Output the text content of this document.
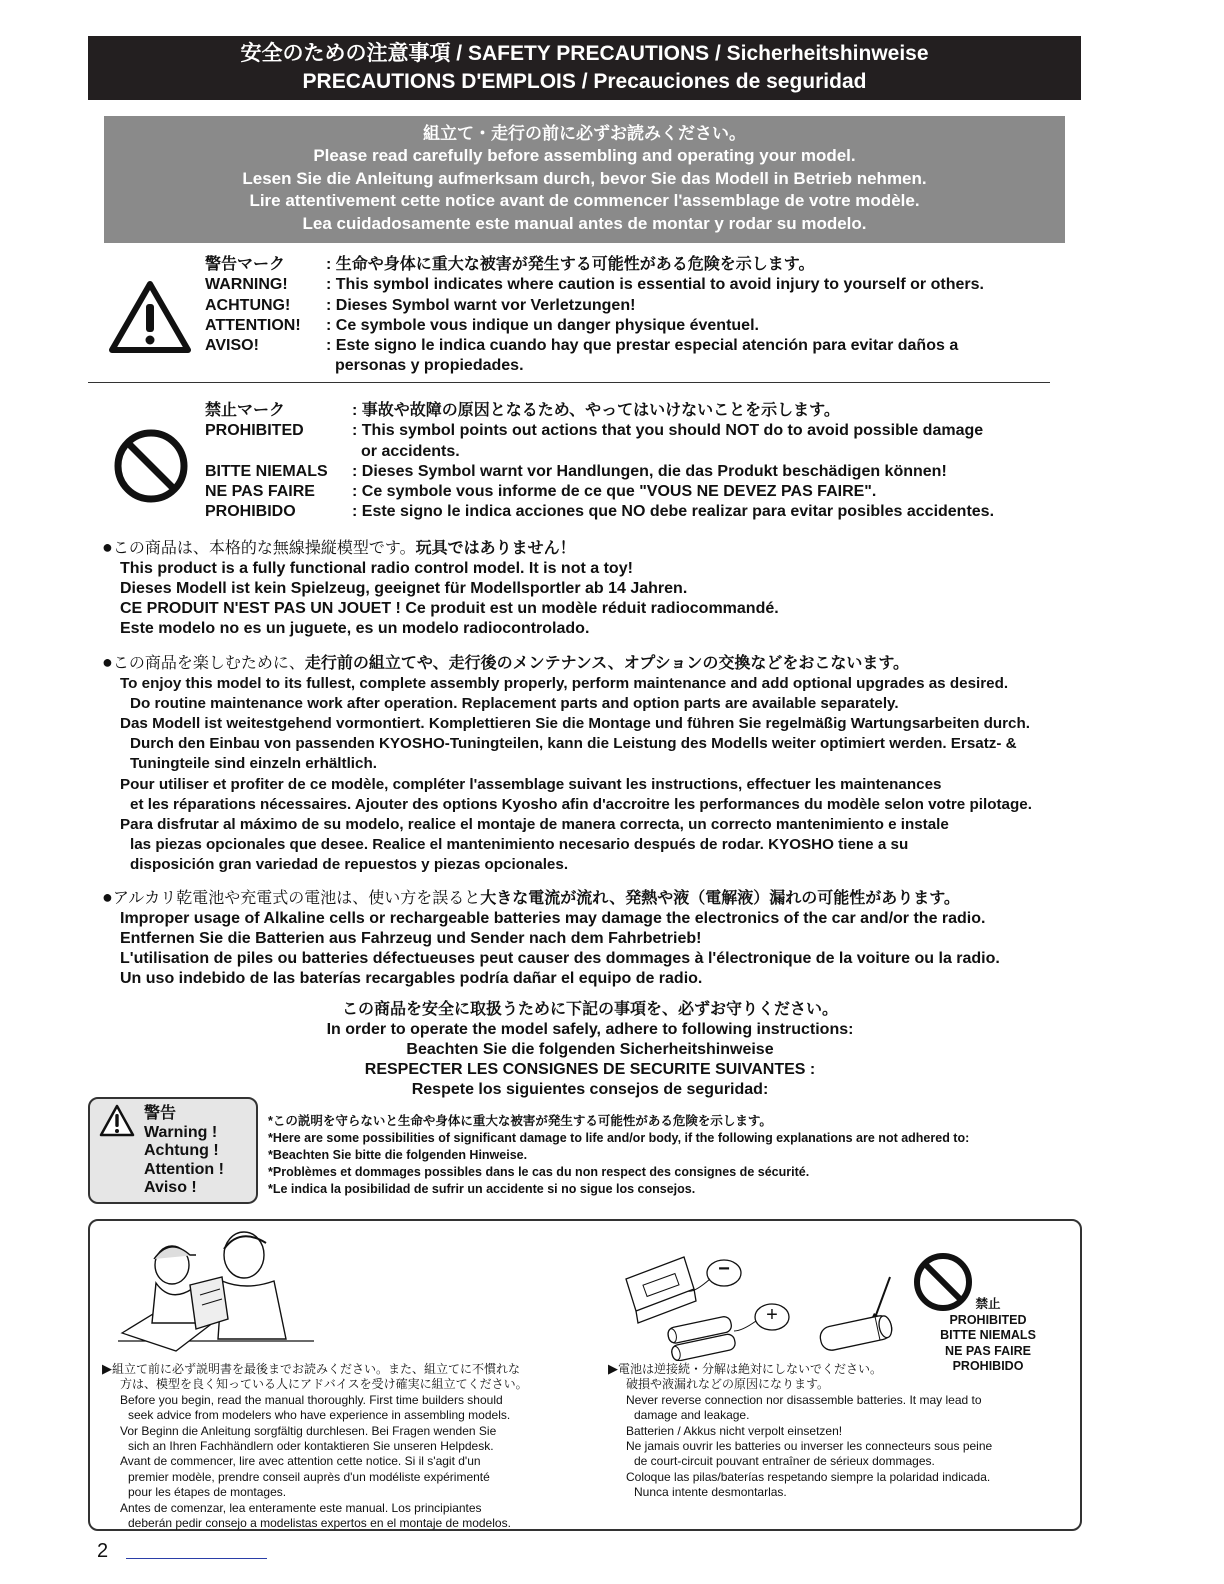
安全のための注意事項 / SAFETY PRECAUTIONS / Sicherheitshinweise
PRECAUTIONS D'EMPLOIS / Precauciones de seguridad
組立て・走行の前に必ずお読みください。
Please read carefully before assembling and operating your model.
Lesen Sie die Anleitung aufmerksam durch, bevor Sie das Modell in Betrieb nehmen.
Lire attentivement cette notice avant de commencer l'assemblage de votre modèle.
Lea cuidadosamente este manual antes de montar y rodar su modelo.
警告マーク
WARNING!
ACHTUNG!
ATTENTION!
AVISO!
: 生命や身体に重大な被害が発生する可能性がある危険を示します。
: This symbol indicates where caution is essential to avoid injury to yourself or others.
: Dieses Symbol warnt vor Verletzungen!
: Ce symbole vous indique un danger physique éventuel.
: Este signo le indica cuando hay que prestar especial atención para evitar daños a
personas y propiedades.
禁止マーク
PROHIBITED
BITTE NIEMALS
NE PAS FAIRE
PROHIBIDO
: 事故や故障の原因となるため、やってはいけないことを示します。
: This symbol points out actions that you should NOT do to avoid possible damage
or accidents.
: Dieses Symbol warnt vor Handlungen, die das Produkt beschädigen können!
: Ce symbole vous informe de ce que "VOUS NE DEVEZ PAS FAIRE".
: Este signo le indica acciones que NO debe realizar para evitar posibles accidentes.
●この商品は、本格的な無線操縦模型です。玩具ではありません！
This product is a fully functional radio control model. It is not a toy!
Dieses Modell ist kein Spielzeug, geeignet für Modellsportler ab 14 Jahren.
CE PRODUIT N'EST PAS UN JOUET ! Ce produit est un modèle réduit radiocommandé.
Este modelo no es un juguete, es un modelo radiocontrolado.
●この商品を楽しむために、走行前の組立てや、走行後のメンテナンス、オプションの交換などをおこないます。
To enjoy this model to its fullest, complete assembly properly, perform maintenance and add optional upgrades as desired.
Do routine maintenance work after operation. Replacement parts and option parts are available separately.
Das Modell ist weitestgehend vormontiert. Komplettieren Sie die Montage und führen Sie regelmäßig Wartungsarbeiten durch.
Durch den Einbau von passenden KYOSHO-Tuningteilen, kann die Leistung des Modells weiter optimiert werden. Ersatz- &
Tuningteile sind einzeln erhältlich.
Pour utiliser et profiter de ce modèle, compléter l'assemblage suivant les instructions, effectuer les maintenances
et les réparations nécessaires. Ajouter des options Kyosho afin d'accroitre les performances du modèle selon votre pilotage.
Para disfrutar al máximo de su modelo, realice el montaje de manera correcta, un correcto mantenimiento e instale
las piezas opcionales que desee. Realice el mantenimiento necesario después de rodar. KYOSHO tiene a su
disposición gran variedad de repuestos y piezas opcionales.
●アルカリ乾電池や充電式の電池は、使い方を誤ると大きな電流が流れ、発熱や液（電解液）漏れの可能性があります。
Improper usage of Alkaline cells or rechargeable batteries may damage the electronics of the car and/or the radio.
Entfernen Sie die Batterien aus Fahrzeug und Sender nach dem Fahrbetrieb!
L'utilisation de piles ou batteries défectueuses peut causer des dommages à l'électronique de la voiture ou la radio.
Un uso indebido de las baterías recargables podría dañar el equipo de radio.
この商品を安全に取扱うために下記の事項を、必ずお守りください。
In order to operate the model safely, adhere to following instructions:
Beachten Sie die folgenden Sicherheitshinweise
RESPECTER LES CONSIGNES DE SECURITE SUIVANTES :
Respete los siguientes consejos de seguridad:
警告
Warning !
Achtung !
Attention !
Aviso !
*この説明を守らないと生命や身体に重大な被害が発生する可能性がある危険を示します。
*Here are some possibilities of significant damage to life and/or body, if the following explanations are not adhered to:
*Beachten Sie bitte die folgenden Hinweise.
*Problèmes et dommages possibles dans le cas du non respect des consignes de sécurité.
*Le indica la posibilidad de sufrir un accidente si no sigue los consejos.
−
+	禁止
PROHIBITED
BITTE NIEMALS
NE PAS FAIRE
PROHIBIDO
▶組立て前に必ず説明書を最後までお読みください。また、組立てに不慣れな
方は、模型を良く知っている人にアドバイスを受け確実に組立てください。
Before you begin, read the manual thoroughly. First time builders should
seek advice from modelers who have experience in assembling models.
Vor Beginn die Anleitung sorgfältig durchlesen. Bei Fragen wenden Sie
sich an Ihren Fachhändlern oder kontaktieren Sie unseren Helpdesk.
Avant de commencer, lire avec attention cette notice. Si il s'agit d'un
premier modèle, prendre conseil auprès d'un modéliste expérimenté
pour les étapes de montages.
Antes de comenzar, lea enteramente este manual. Los principiantes
deberán pedir consejo a modelistas expertos en el montaje de modelos.
▶電池は逆接続・分解は絶対にしないでください。
破損や液漏れなどの原因になります。
Never reverse connection nor disassemble batteries. It may lead to
damage and leakage.
Batterien / Akkus nicht verpolt einsetzen!
Ne jamais ouvrir les batteries ou inverser les connecteurs sous peine
de court-circuit pouvant entraîner de sérieux dommages.
Coloque las pilas/baterías respetando siempre la polaridad indicada.
Nunca intente desmontarlas.
2
